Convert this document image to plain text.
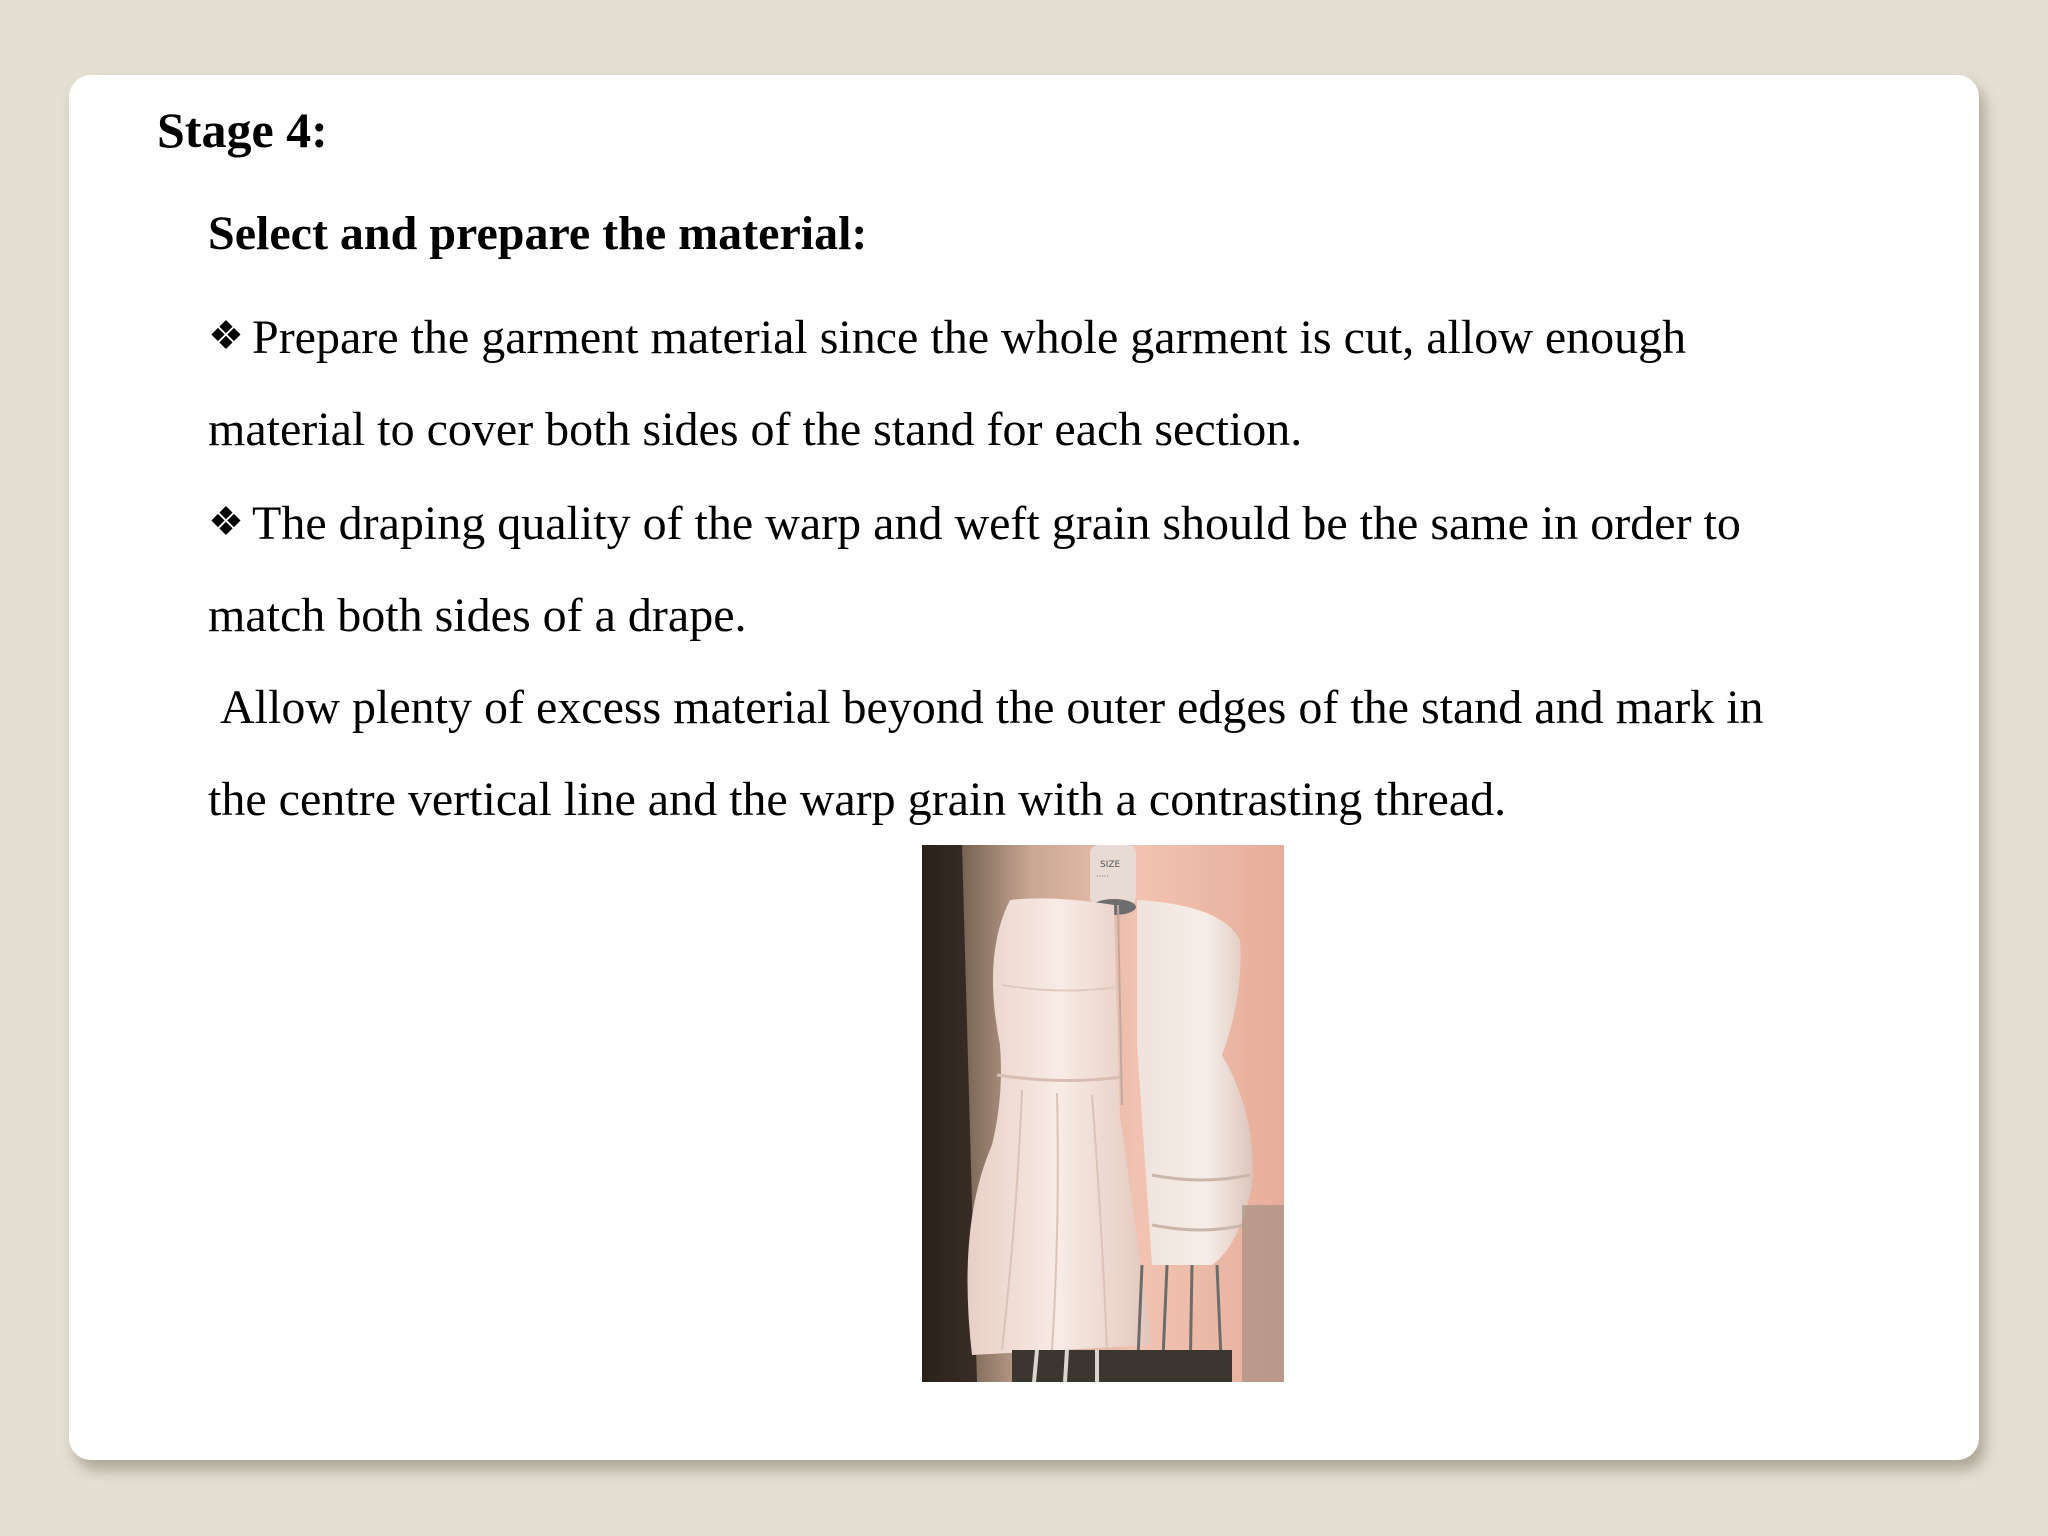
Stage 4:
Select and prepare the material:

❖ Prepare the garment material since the whole garment is cut, allow enough material to cover both sides of the stand for each section.

❖ The draping quality of the warp and weft grain should be the same in order to match both sides of a drape.

Allow plenty of excess material beyond the outer edges of the stand and mark in the centre vertical line and the warp grain with a contrasting thread.

SIZE
·····
